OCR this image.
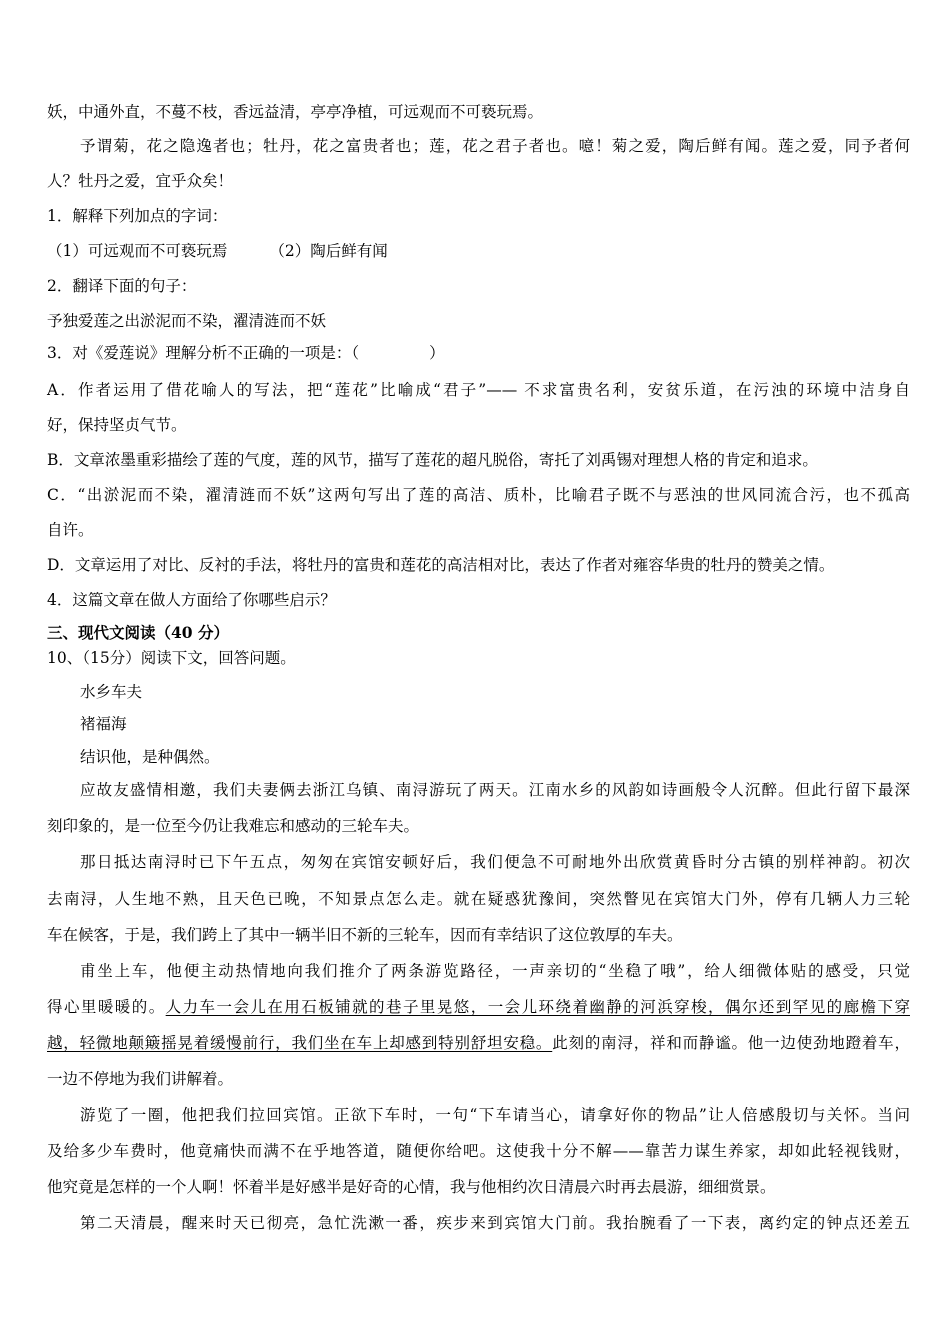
妖，中通外直，不蔓不枝，香远益清，亭亭净植，可远观而不可亵玩焉。
予谓菊，花之隐逸者也；牡丹，花之富贵者也；莲，花之君子者也。噫！菊之爱，陶后鲜有闻。莲之爱，同予者何
人？牡丹之爱，宜乎众矣！
1．解释下列加点的字词：
（1）可远观而不可亵玩焉	（2）陶后鲜有闻
2．翻译下面的句子：
予独爱莲之出淤泥而不染，濯清涟而不妖
3．对《爱莲说》理解分析不正确的一项是：（	）
A．作者运用了借花喻人的写法，把“莲花”比喻成“君子”—— 不求富贵名利，安贫乐道，在污浊的环境中洁身自
好，保持坚贞气节。
B．文章浓墨重彩描绘了莲的气度，莲的风节，描写了莲花的超凡脱俗，寄托了刘禹锡对理想人格的肯定和追求。
C．“出淤泥而不染，濯清涟而不妖”这两句写出了莲的高洁、质朴，比喻君子既不与恶浊的世风同流合污，也不孤高
自许。
D．文章运用了对比、反衬的手法，将牡丹的富贵和莲花的高洁相对比，表达了作者对雍容华贵的牡丹的赞美之情。
4．这篇文章在做人方面给了你哪些启示？
三、现代文阅读（40 分）
10、（15分）阅读下文，回答问题。
水乡车夫
褚福海
结识他，是种偶然。
应故友盛情相邀，我们夫妻俩去浙江乌镇、南浔游玩了两天。江南水乡的风韵如诗画般令人沉醉。但此行留下最深
刻印象的，是一位至今仍让我难忘和感动的三轮车夫。
那日抵达南浔时已下午五点，匆匆在宾馆安顿好后，我们便急不可耐地外出欣赏黄昏时分古镇的别样神韵。初次
去南浔，人生地不熟，且天色已晚，不知景点怎么走。就在疑惑犹豫间，突然瞥见在宾馆大门外，停有几辆人力三轮
车在候客，于是，我们跨上了其中一辆半旧不新的三轮车，因而有幸结识了这位敦厚的车夫。
甫坐上车，他便主动热情地向我们推介了两条游览路径，一声亲切的“坐稳了哦”，给人细微体贴的感受，只觉
得心里暖暖的。人力车一会儿在用石板铺就的巷子里晃悠，一会儿环绕着幽静的河浜穿梭，偶尔还到罕见的廊檐下穿
越，轻微地颠簸摇晃着缓慢前行，我们坐在车上却感到特别舒坦安稳。此刻的南浔，祥和而静谧。他一边使劲地蹬着车，
一边不停地为我们讲解着。
游览了一圈，他把我们拉回宾馆。正欲下车时，一句“下车请当心，请拿好你的物品”让人倍感殷切与关怀。当问
及给多少车费时，他竟痛快而满不在乎地答道，随便你给吧。这使我十分不解——靠苦力谋生养家，却如此轻视钱财，
他究竟是怎样的一个人啊！怀着半是好感半是好奇的心情，我与他相约次日清晨六时再去晨游，细细赏景。
第二天清晨，醒来时天已彻亮，急忙洗漱一番，疾步来到宾馆大门前。我抬腕看了一下表，离约定的钟点还差五
